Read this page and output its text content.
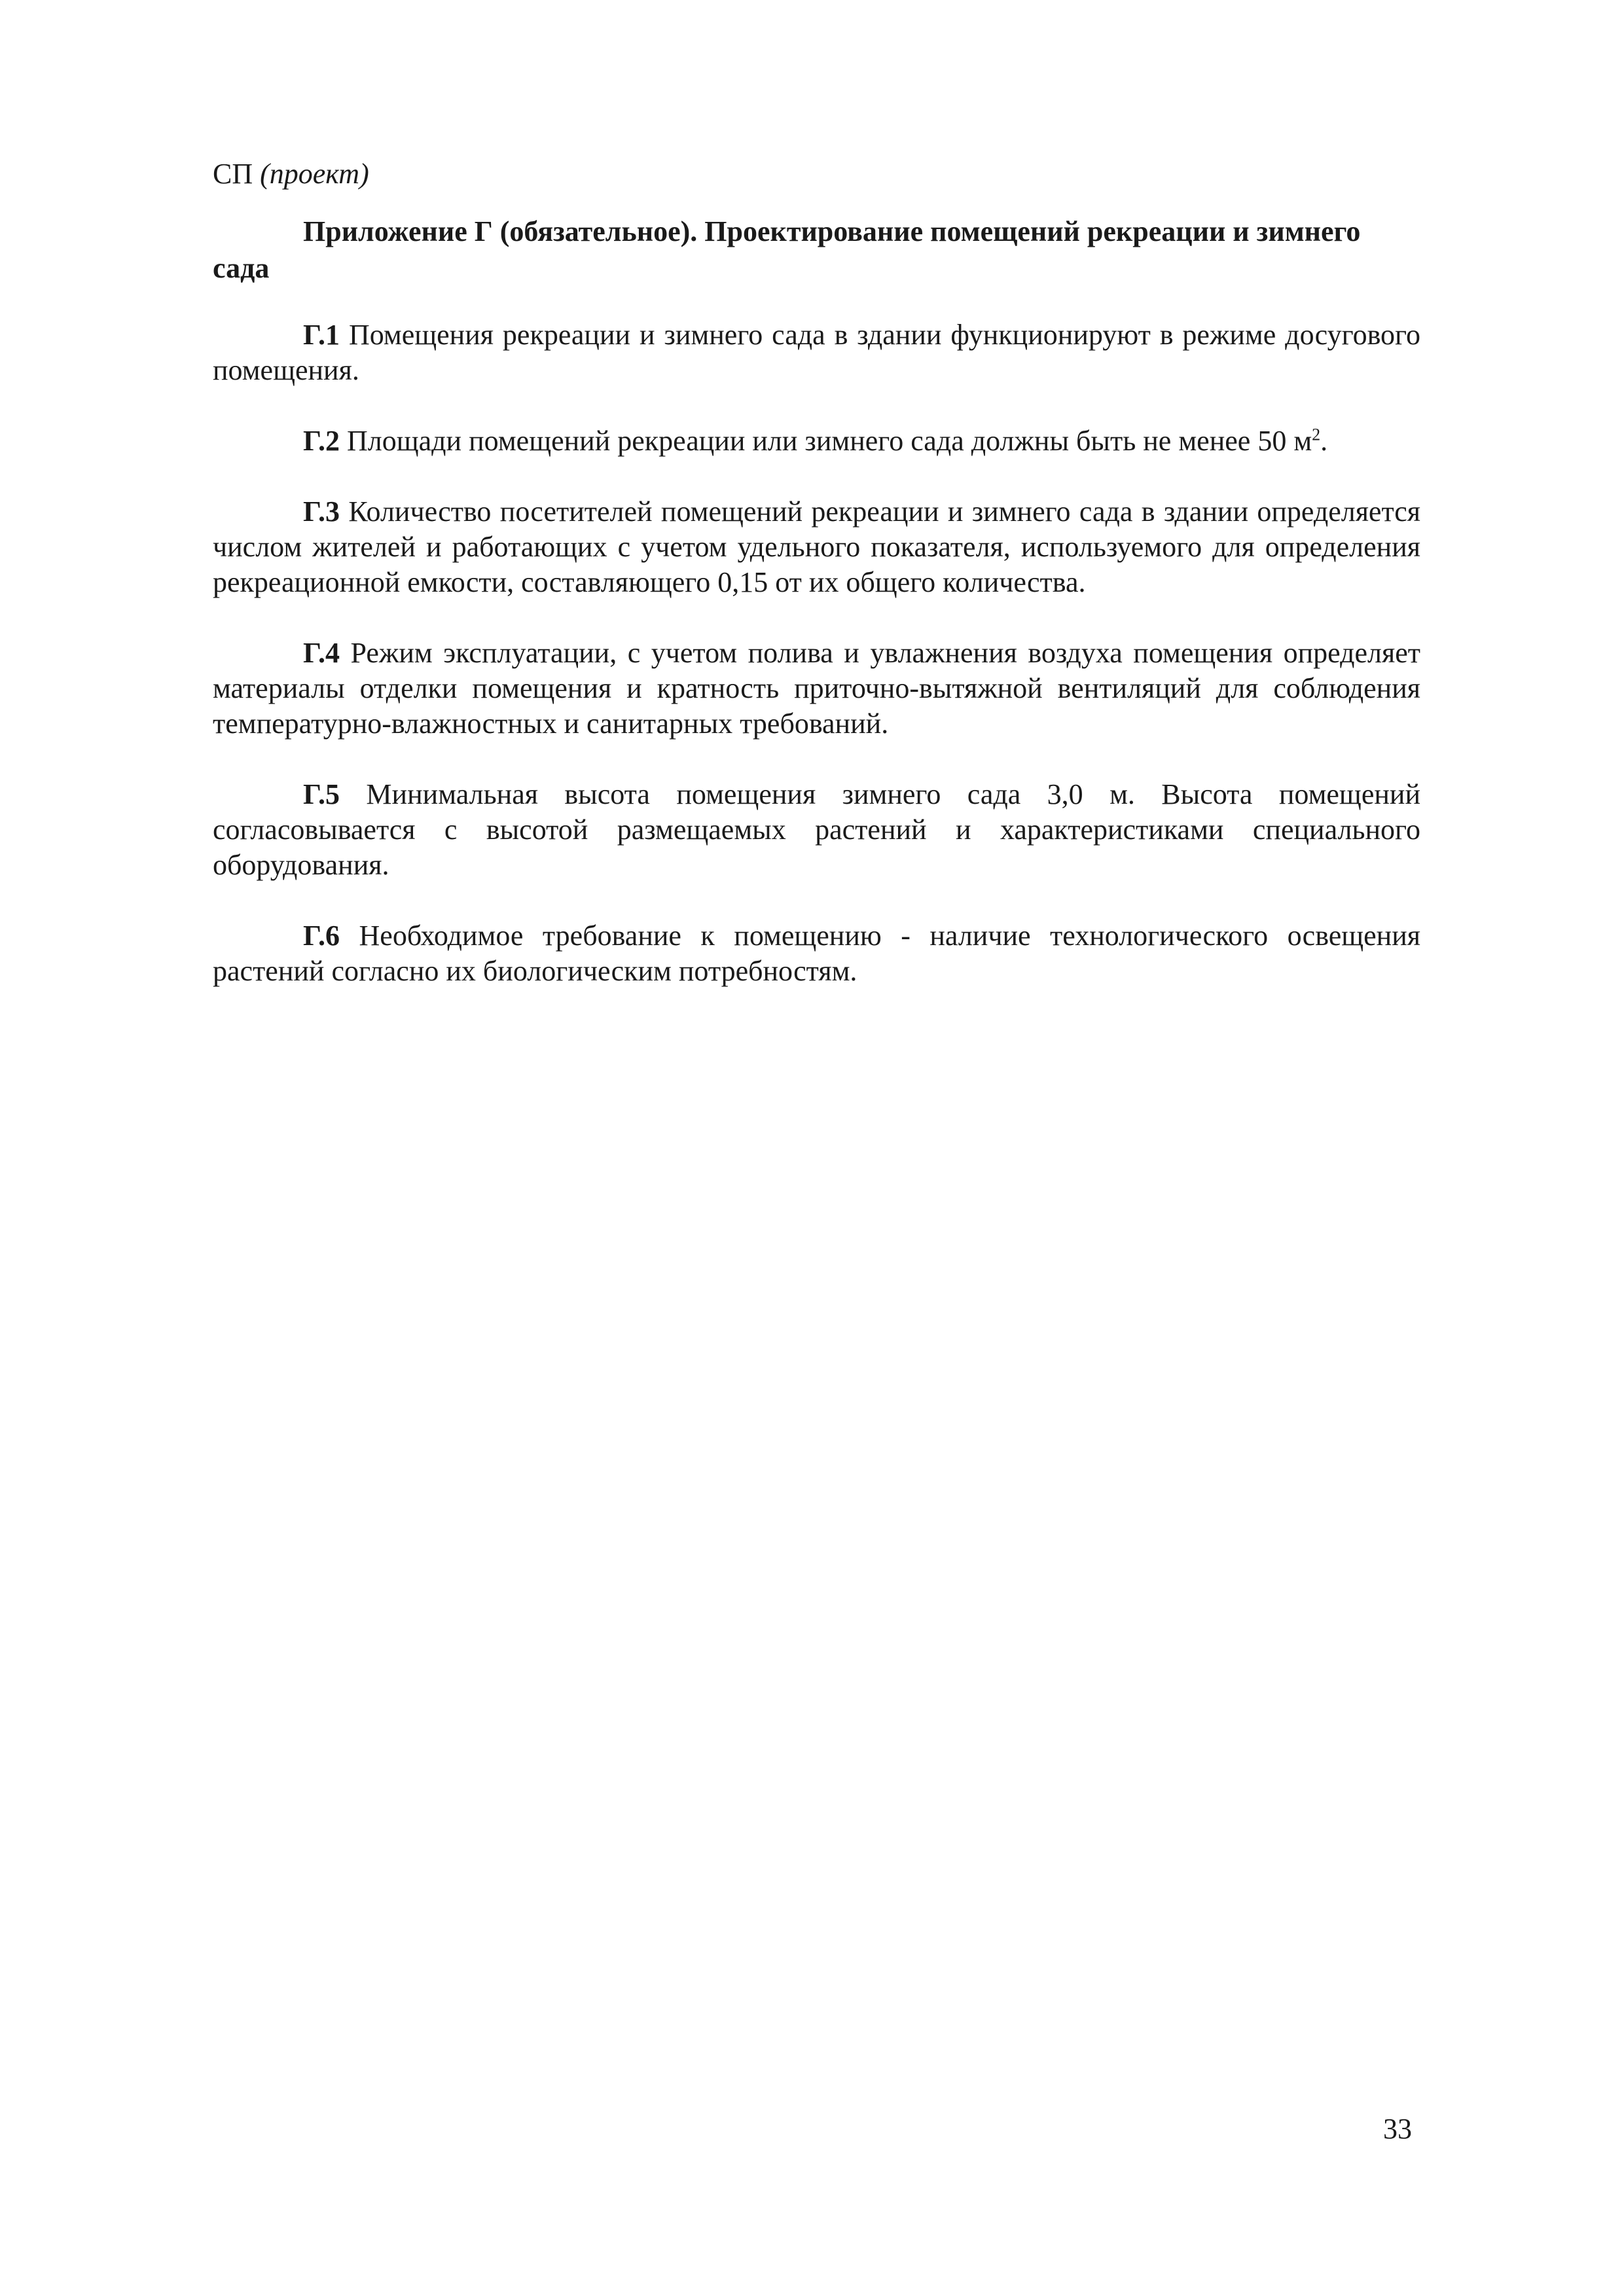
СП (проект)

Приложение Г (обязательное). Проектирование помещений рекреации и зимнего сада

Г.1 Помещения рекреации и зимнего сада в здании функционируют в режиме досугового помещения.

Г.2 Площади помещений рекреации или зимнего сада должны быть не менее 50 $м^2$.

Г.3 Количество посетителей помещений рекреации и зимнего сада в здании определяется числом жителей и работающих с учетом удельного показателя, используемого для определения рекреационной емкости, составляющего 0,15 от их общего количества.

Г.4 Режим эксплуатации, с учетом полива и увлажнения воздуха помещения определяет материалы отделки помещения и кратность приточно-вытяжной вентиляций для соблюдения температурно-влажностных и санитарных требований.

Г.5 Минимальная высота помещения зимнего сада 3,0 м. Высота помещений согласовывается с высотой размещаемых растений и характеристиками специального оборудования.

Г.6 Необходимое требование к помещению - наличие технологического освещения растений согласно их биологическим потребностям.

33
